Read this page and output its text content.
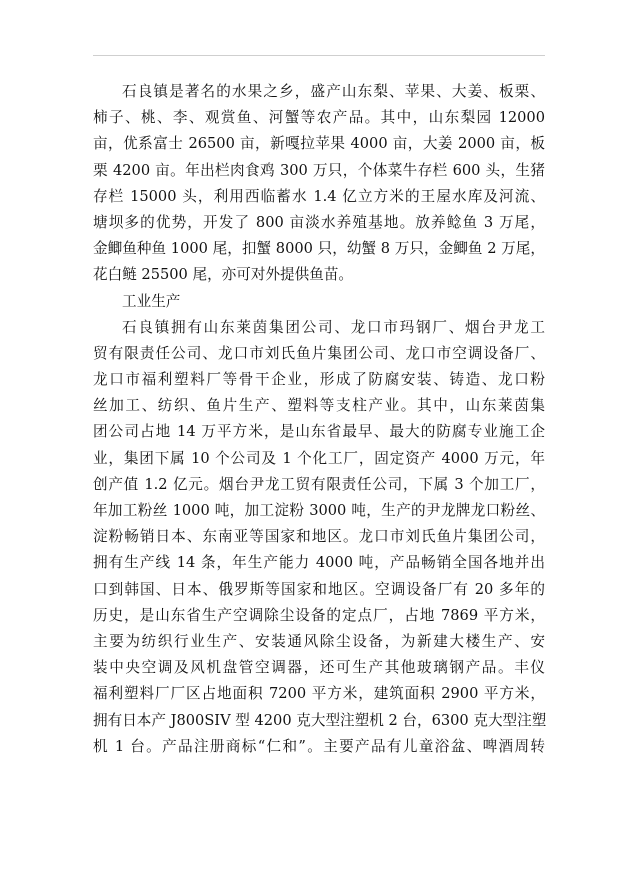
石良镇是著名的水果之乡，盛产山东梨、苹果、大姜、板栗、
柿子、桃、李、观赏鱼、河蟹等农产品。其中，山东梨园 12000
亩，优系富士 26500 亩，新嘎拉苹果 4000 亩，大姜 2000 亩，板
栗 4200 亩。年出栏肉食鸡 300 万只，个体菜牛存栏 600 头，生猪
存栏 15000 头，利用西临蓄水 1.4 亿立方米的王屋水库及河流、
塘坝多的优势，开发了 800 亩淡水养殖基地。放养鲶鱼 3 万尾，
金鲫鱼种鱼 1000 尾，扣蟹 8000 只，幼蟹 8 万只，金鲫鱼 2 万尾，
花白鲢 25500 尾，亦可对外提供鱼苗。
工业生产
石良镇拥有山东莱茵集团公司、龙口市玛钢厂、烟台尹龙工
贸有限责任公司、龙口市刘氏鱼片集团公司、龙口市空调设备厂、
龙口市福利塑料厂等骨干企业，形成了防腐安装、铸造、龙口粉
丝加工、纺织、鱼片生产、塑料等支柱产业。其中，山东莱茵集
团公司占地 14 万平方米，是山东省最早、最大的防腐专业施工企
业，集团下属 10 个公司及 1 个化工厂，固定资产 4000 万元，年
创产值 1.2 亿元。烟台尹龙工贸有限责任公司，下属 3 个加工厂，
年加工粉丝 1000 吨，加工淀粉 3000 吨，生产的尹龙牌龙口粉丝、
淀粉畅销日本、东南亚等国家和地区。龙口市刘氏鱼片集团公司，
拥有生产线 14 条，年生产能力 4000 吨，产品畅销全国各地并出
口到韩国、日本、俄罗斯等国家和地区。空调设备厂有 20 多年的
历史，是山东省生产空调除尘设备的定点厂，占地 7869 平方米，
主要为纺织行业生产、安装通风除尘设备，为新建大楼生产、安
装中央空调及风机盘管空调器，还可生产其他玻璃钢产品。丰仪
福利塑料厂厂区占地面积 7200 平方米，建筑面积 2900 平方米，
拥有日本产 J800SIV 型 4200 克大型注塑机 2 台，6300 克大型注塑
机 1 台。产品注册商标“仁和”。主要产品有儿童浴盆、啤酒周转
